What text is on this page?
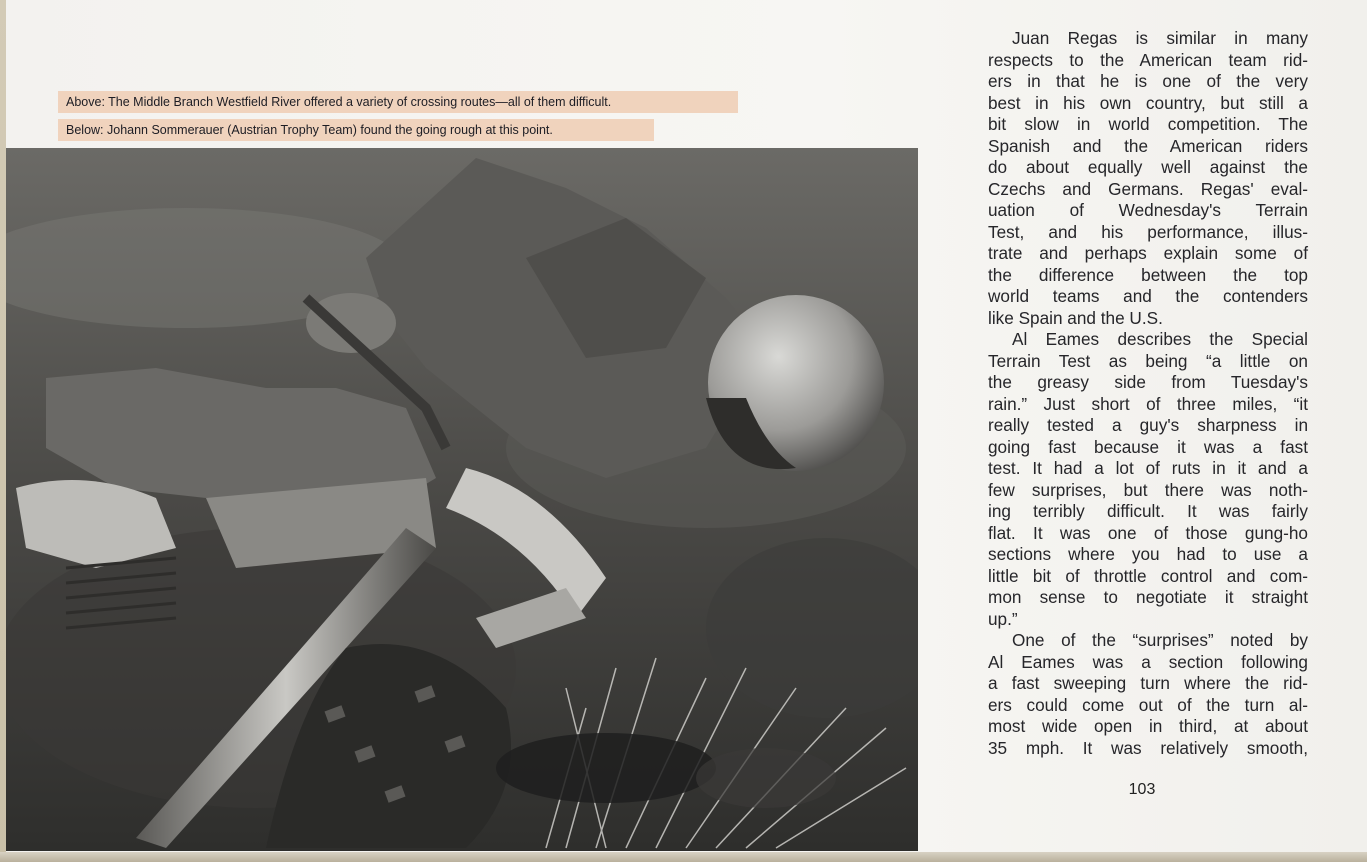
Above: The Middle Branch Westfield River offered a variety of crossing routes—all of them difficult.
Below: Johann Sommerauer (Austrian Trophy Team) found the going rough at this point.

Juan Regas is similar in many

respects to the American team rid-

ers in that he is one of the very

best in his own country, but still a

bit slow in world competition. The

Spanish and the American riders

do about equally well against the

Czechs and Germans. Regas' eval-

uation of Wednesday's Terrain

Test, and his performance, illus-

trate and perhaps explain some of

the difference between the top

world teams and the contenders

like Spain and the U.S.

Al Eames describes the Special

Terrain Test as being “a little on

the greasy side from Tuesday's

rain.” Just short of three miles, “it

really tested a guy's sharpness in

going fast because it was a fast

test. It had a lot of ruts in it and a

few surprises, but there was noth-

ing terribly difficult. It was fairly

flat. It was one of those gung-ho

sections where you had to use a

little bit of throttle control and com-

mon sense to negotiate it straight

up.”

One of the “surprises” noted by

Al Eames was a section following

a fast sweeping turn where the rid-

ers could come out of the turn al-

most wide open in third, at about

35 mph. It was relatively smooth,

103
